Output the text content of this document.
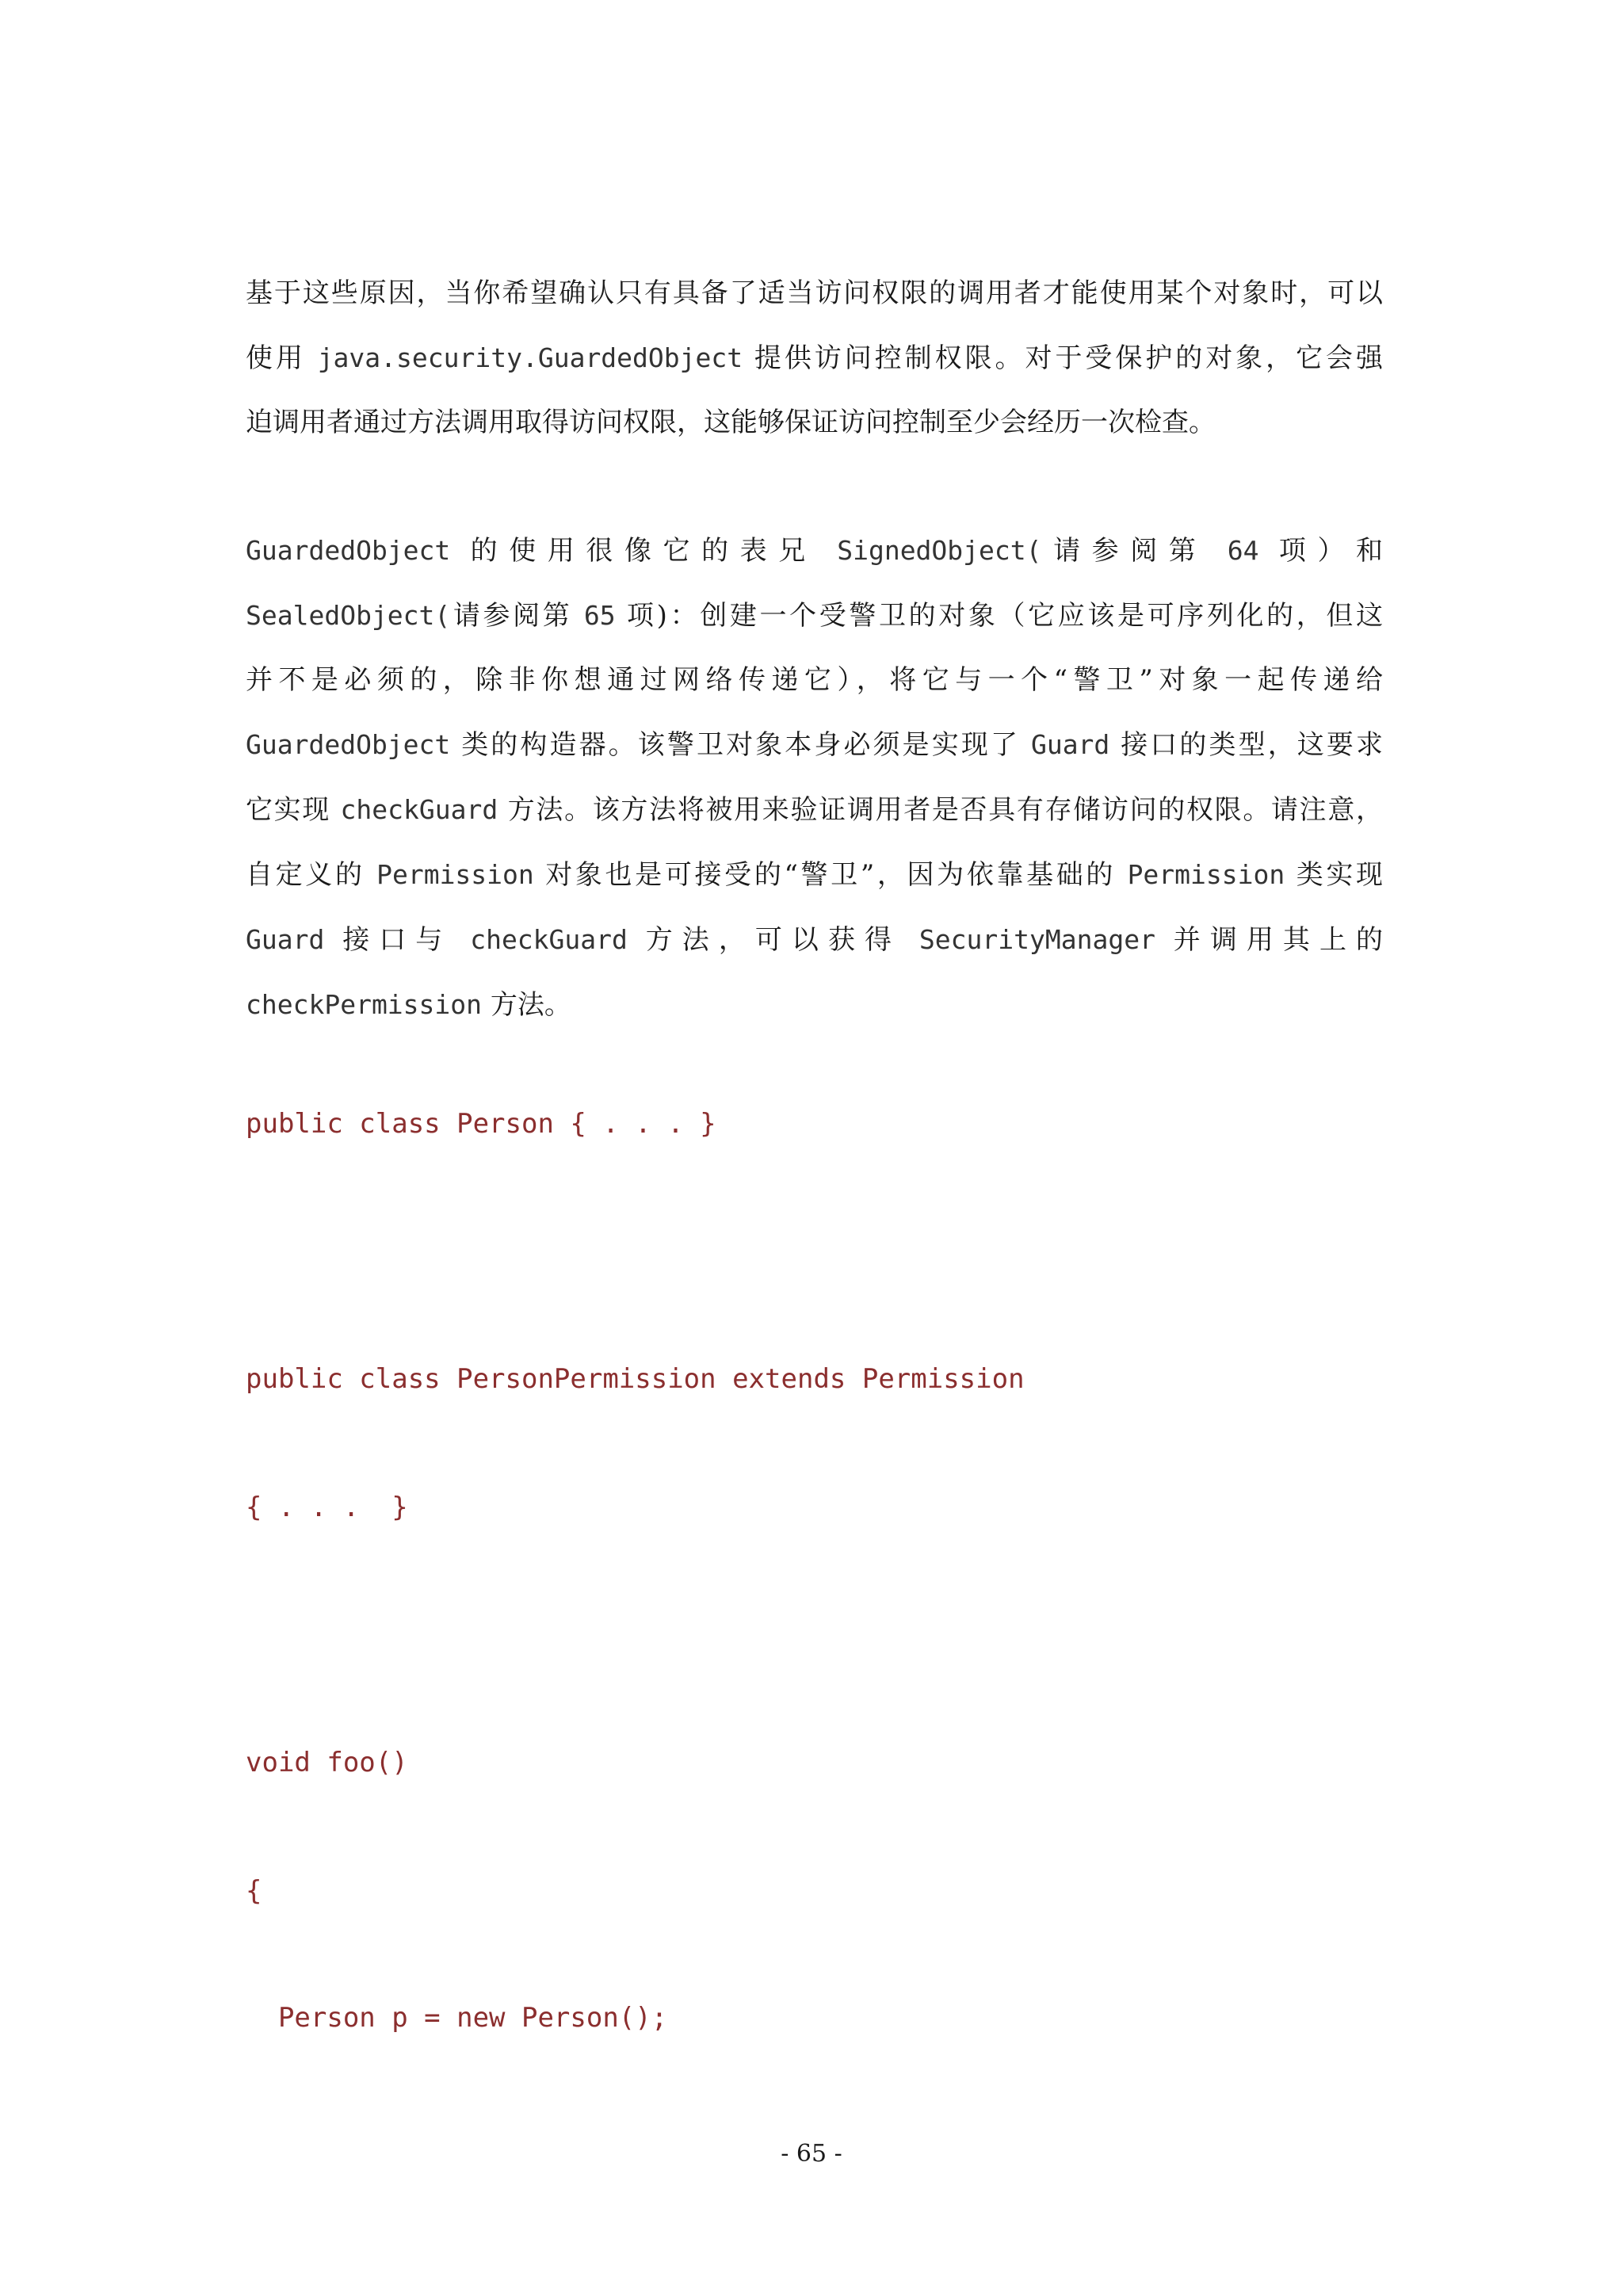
基于这些原因，当你希望确认只有具备了适当访问权限的调用者才能使用某个对象时，可以
使用 java.security.GuardedObject 提供访问控制权限。对于受保护的对象，它会强
迫调用者通过方法调用取得访问权限，这能够保证访问控制至少会经历一次检查。

GuardedObject 的使用很像它的表兄 SignedObject(请参阅第 64 项）和
SealedObject(请参阅第 65 项)：创建一个受警卫的对象（它应该是可序列化的，但这
并不是必须的，除非你想通过网络传递它），将它与一个“警卫”对象一起传递给
GuardedObject 类的构造器。该警卫对象本身必须是实现了 Guard 接口的类型，这要求
它实现 checkGuard 方法。该方法将被用来验证调用者是否具有存储访问的权限。请注意，
自定义的 Permission 对象也是可接受的“警卫”，因为依靠基础的 Permission 类实现
Guard 接口与 checkGuard 方法，可以获得 SecurityManager 并调用其上的
checkPermission 方法。

public class Person { . . . }
public class PersonPermission extends Permission
{ . . .  }
void foo()
{
Person p = new Person();
- 65 -
